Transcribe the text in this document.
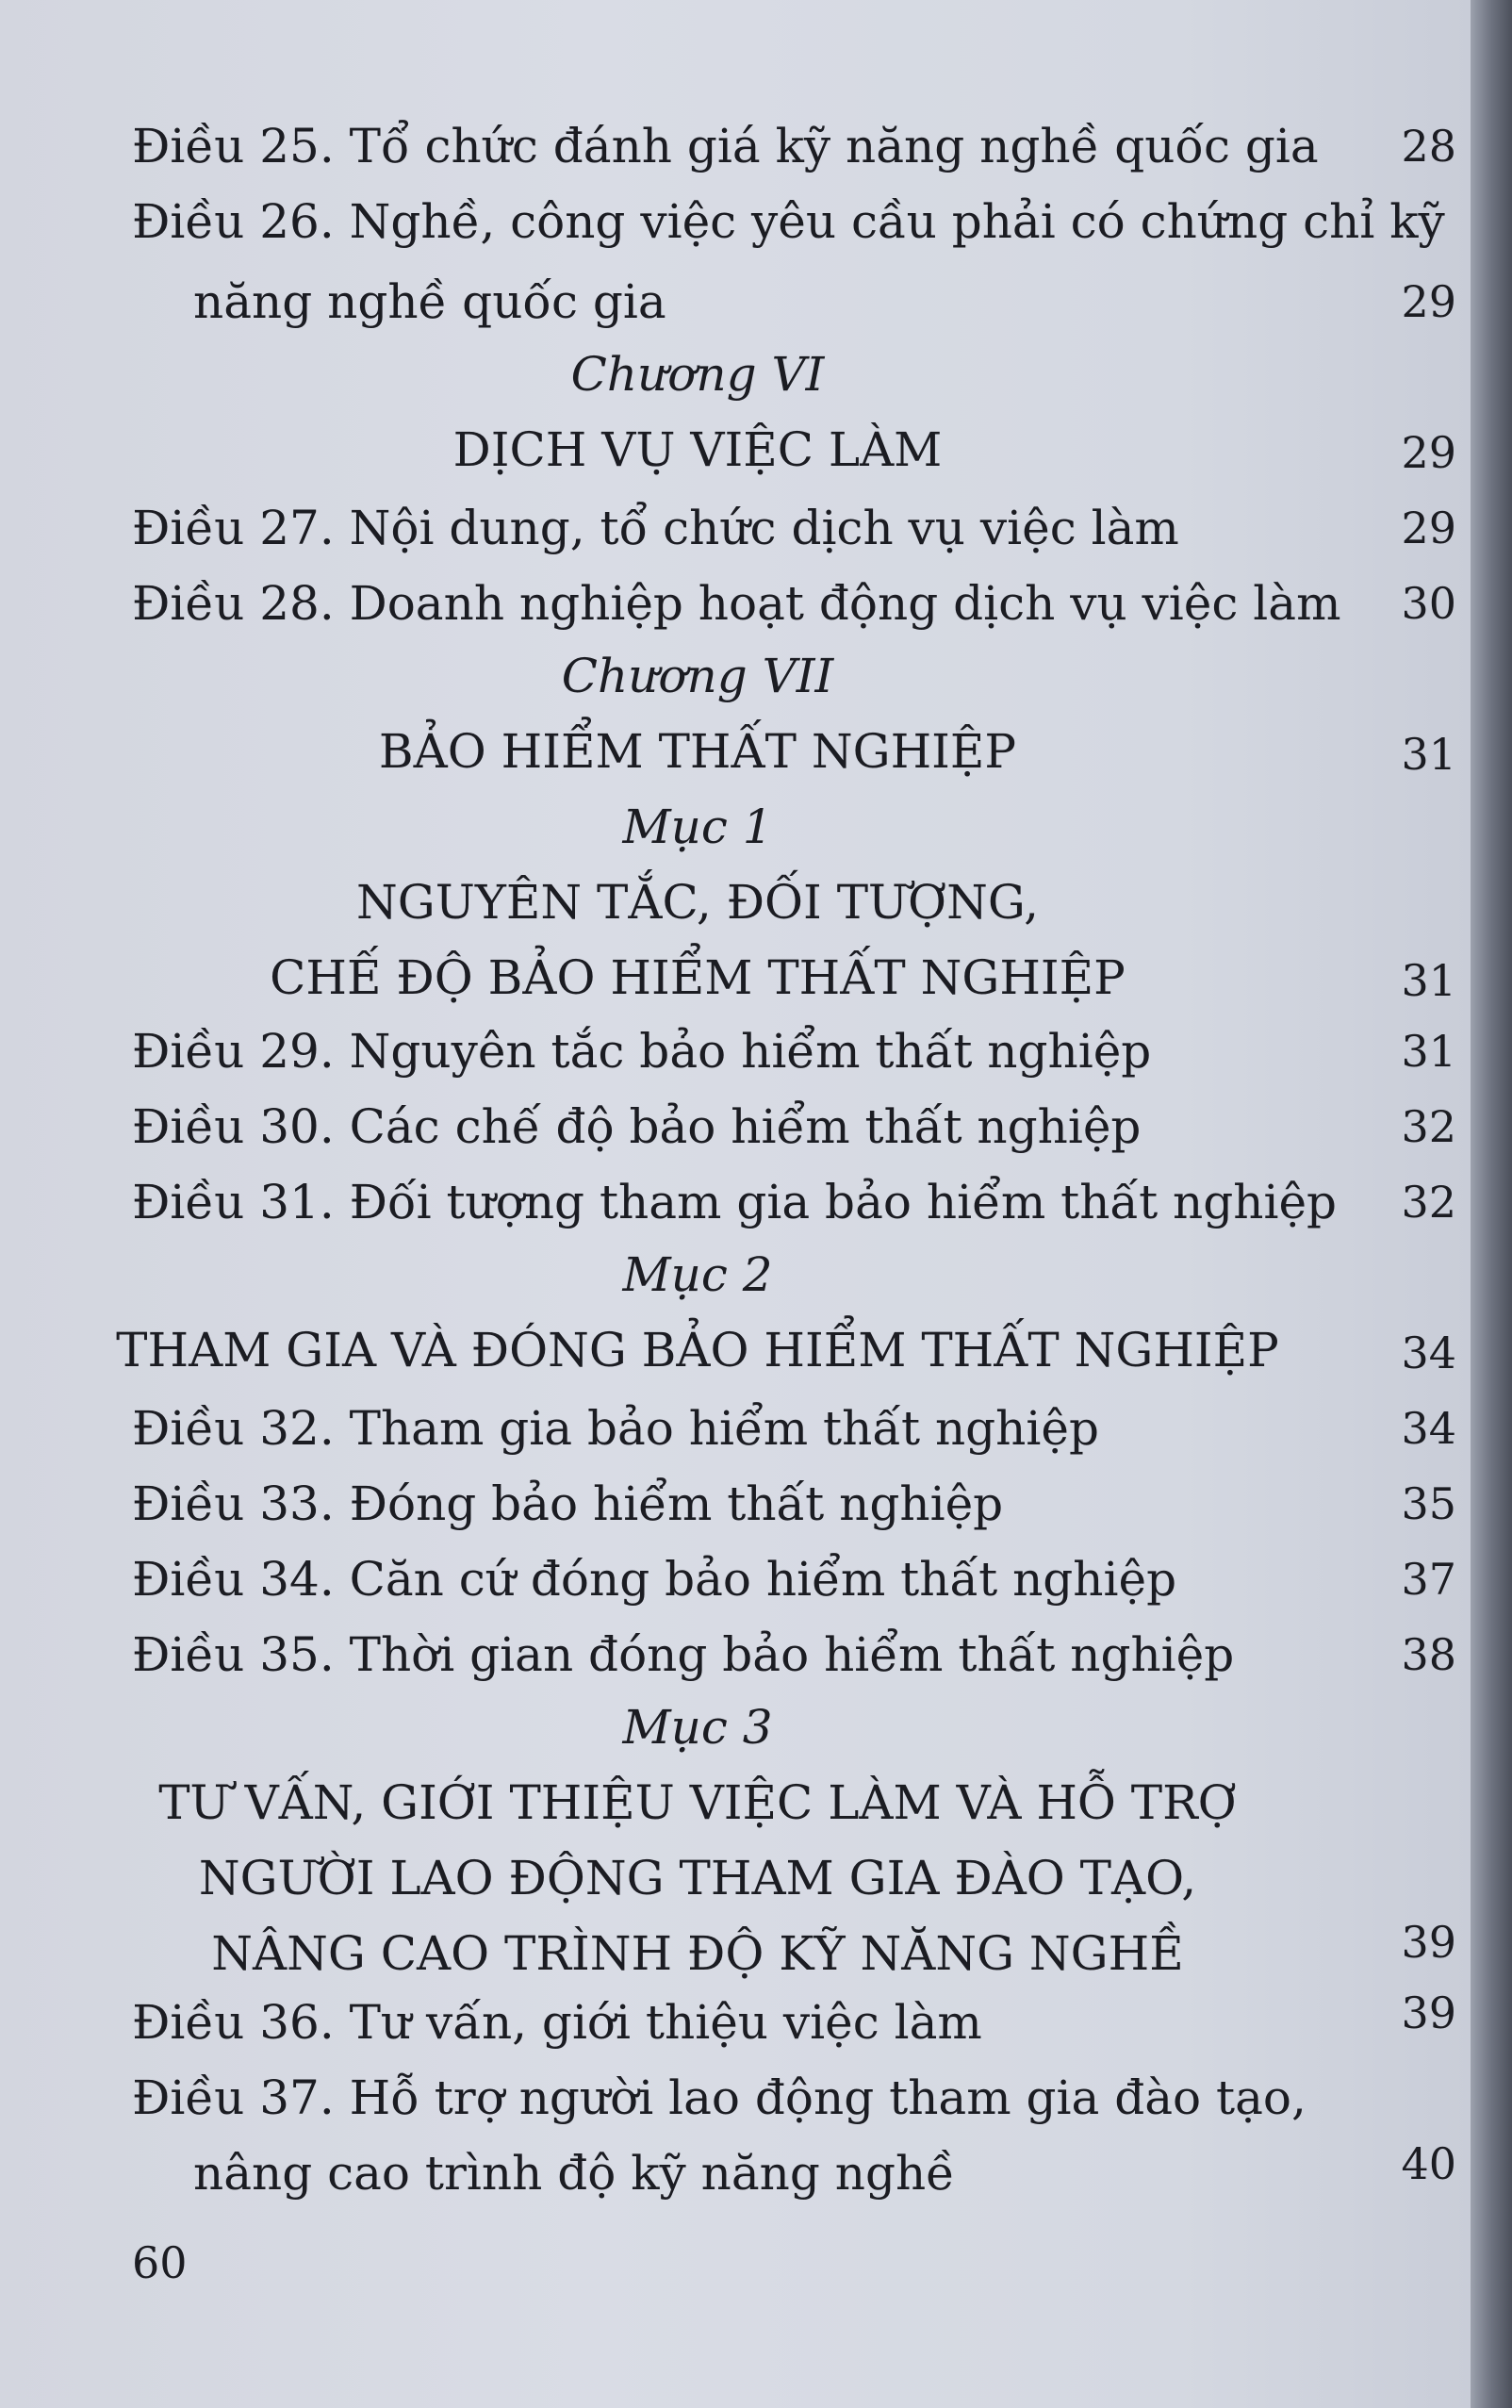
Điều 25. Tổ chức đánh giá kỹ năng nghề quốc gia	28
Điều 26. Nghề, công việc yêu cầu phải có chứng chỉ kỹ
năng nghề quốc gia	29
Chương VI
DỊCH VỤ VIỆC LÀM	29
Điều 27. Nội dung, tổ chức dịch vụ việc làm	29
Điều 28. Doanh nghiệp hoạt động dịch vụ việc làm	30
Chương VII
BẢO HIỂM THẤT NGHIỆP	31
Mục 1
NGUYÊN TẮC, ĐỐI TƯỢNG,
CHẾ ĐỘ BẢO HIỂM THẤT NGHIỆP	31
Điều 29. Nguyên tắc bảo hiểm thất nghiệp	31
Điều 30. Các chế độ bảo hiểm thất nghiệp	32
Điều 31. Đối tượng tham gia bảo hiểm thất nghiệp	32
Mục 2
THAM GIA VÀ ĐÓNG BẢO HIỂM THẤT NGHIỆP	34
Điều 32. Tham gia bảo hiểm thất nghiệp	34
Điều 33. Đóng bảo hiểm thất nghiệp	35
Điều 34. Căn cứ đóng bảo hiểm thất nghiệp	37
Điều 35. Thời gian đóng bảo hiểm thất nghiệp	38
Mục 3
TƯ VẤN, GIỚI THIỆU VIỆC LÀM VÀ HỖ TRỢ
NGƯỜI LAO ĐỘNG THAM GIA ĐÀO TẠO,
NÂNG CAO TRÌNH ĐỘ KỸ NĂNG NGHỀ	39
Điều 36. Tư vấn, giới thiệu việc làm	39
Điều 37. Hỗ trợ người lao động tham gia đào tạo,
nâng cao trình độ kỹ năng nghề	40
60
